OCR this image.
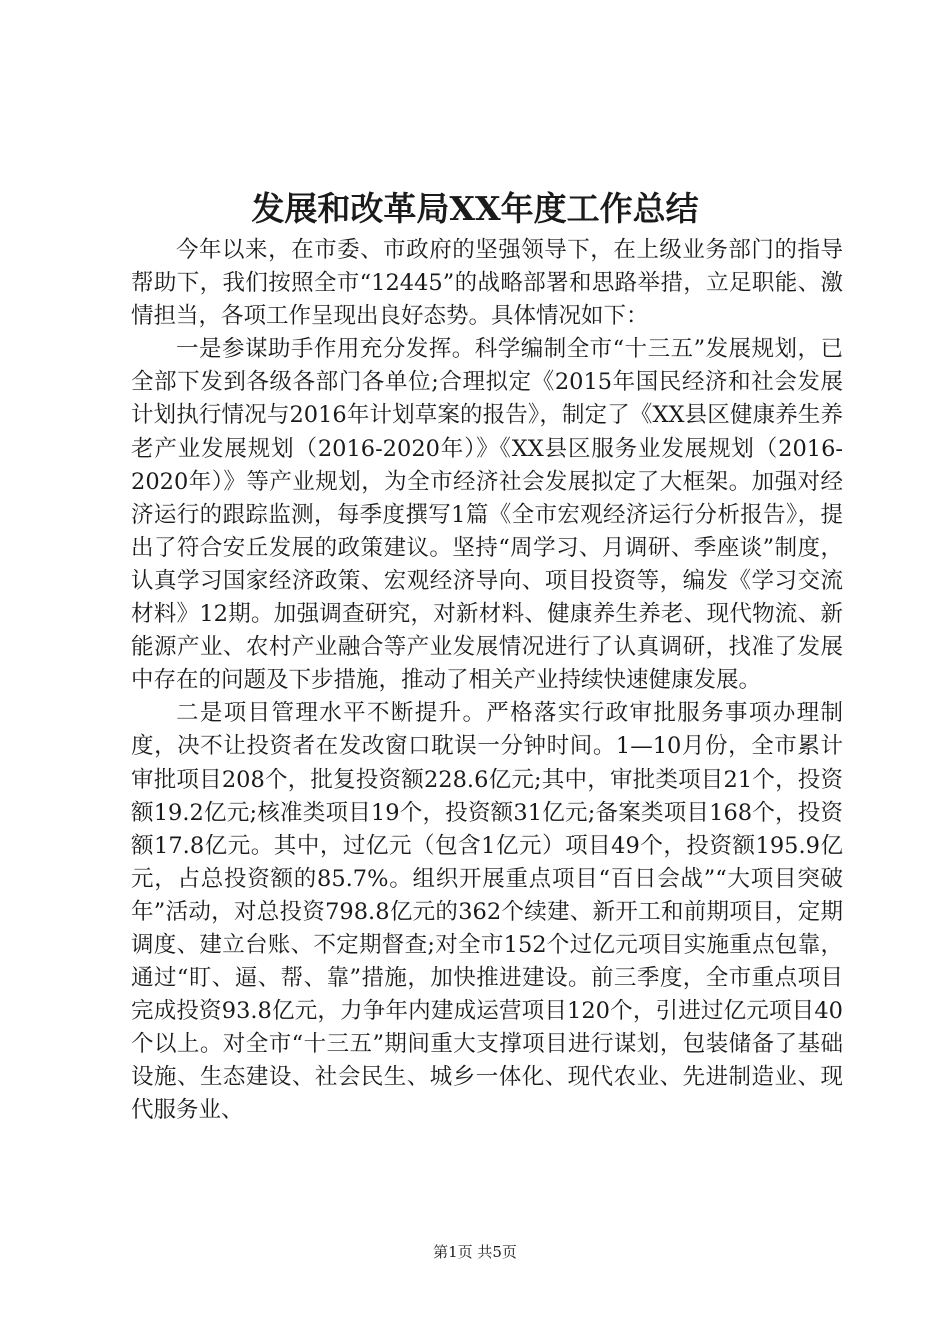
发展和改革局XX年度工作总结

今年以来，在市委、市政府的坚强领导下，在上级业务部门的指导帮助下，我们按照全市“12445”的战略部署和思路举措，立足职能、激情担当，各项工作呈现出良好态势。具体情况如下：

一是参谋助手作用充分发挥。科学编制全市“十三五”发展规划，已全部下发到各级各部门各单位;合理拟定《2015年国民经济和社会发展计划执行情况与2016年计划草案的报告》，制定了《XX县区健康养生养老产业发展规划（2016-2020年）》《XX县区服务业发展规划（2016-2020年）》等产业规划，为全市经济社会发展拟定了大框架。加强对经济运行的跟踪监测，每季度撰写1篇《全市宏观经济运行分析报告》，提出了符合安丘发展的政策建议。坚持“周学习、月调研、季座谈”制度，认真学习国家经济政策、宏观经济导向、项目投资等，编发《学习交流材料》12期。加强调查研究，对新材料、健康养生养老、现代物流、新能源产业、农村产业融合等产业发展情况进行了认真调研，找准了发展中存在的问题及下步措施，推动了相关产业持续快速健康发展。

二是项目管理水平不断提升。严格落实行政审批服务事项办理制度，决不让投资者在发改窗口耽误一分钟时间。1—10月份，全市累计审批项目208个，批复投资额228.6亿元;其中，审批类项目21个，投资额19.2亿元;核准类项目19个，投资额31亿元;备案类项目168个，投资额17.8亿元。其中，过亿元（包含1亿元）项目49个，投资额195.9亿元，占总投资额的85.7%。组织开展重点项目“百日会战”“大项目突破年”活动，对总投资798.8亿元的362个续建、新开工和前期项目，定期调度、建立台账、不定期督查;对全市152个过亿元项目实施重点包靠，通过“盯、逼、帮、靠”措施，加快推进建设。前三季度，全市重点项目完成投资93.8亿元，力争年内建成运营项目120个，引进过亿元项目40个以上。对全市“十三五”期间重大支撑项目进行谋划，包装储备了基础设施、生态建设、社会民生、城乡一体化、现代农业、先进制造业、现代服务业、

第1页 共5页
